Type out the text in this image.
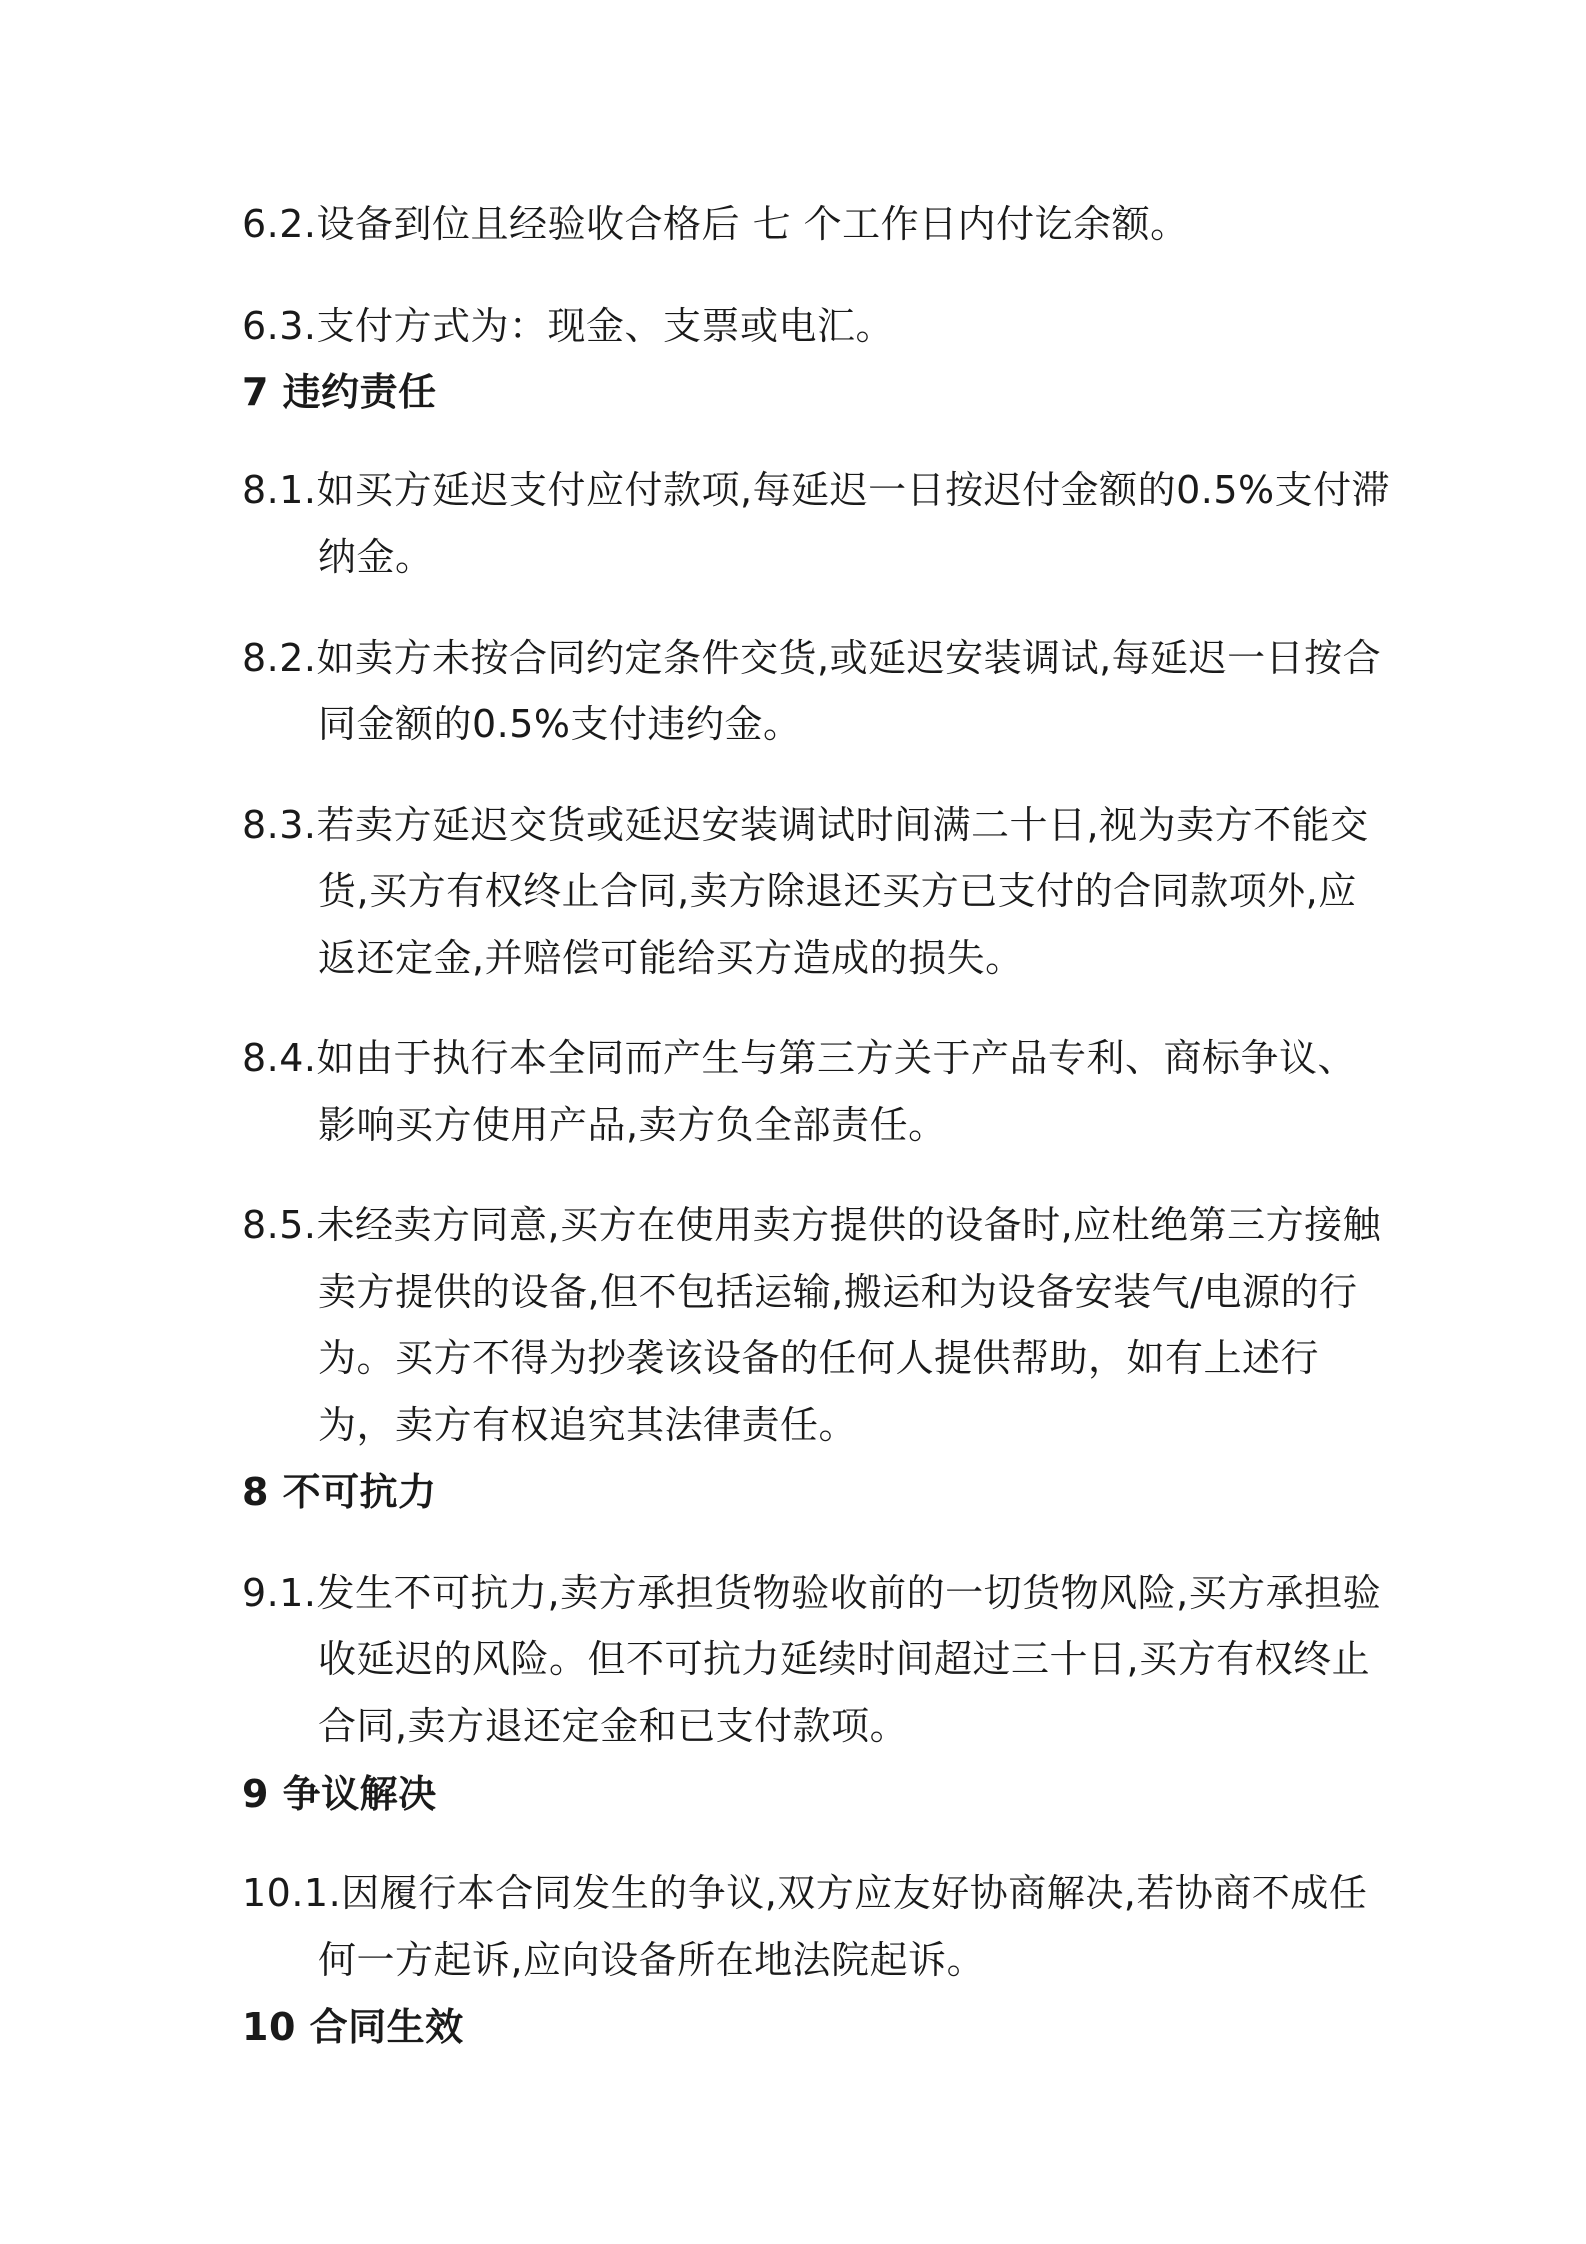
6.2.设备到位且经验收合格后 七 个工作日内付讫余额。
6.3.支付方式为：现金、支票或电汇。
7 违约责任
8.1.如买方延迟支付应付款项,每延迟一日按迟付金额的0.5%支付滞
纳金。
8.2.如卖方未按合同约定条件交货,或延迟安装调试,每延迟一日按合
同金额的0.5%支付违约金。
8.3.若卖方延迟交货或延迟安装调试时间满二十日,视为卖方不能交
货,买方有权终止合同,卖方除退还买方已支付的合同款项外,应
返还定金,并赔偿可能给买方造成的损失。
8.4.如由于执行本全同而产生与第三方关于产品专利、商标争议、
影响买方使用产品,卖方负全部责任。
8.5.未经卖方同意,买方在使用卖方提供的设备时,应杜绝第三方接触
卖方提供的设备,但不包括运输,搬运和为设备安装气/电源的行
为。买方不得为抄袭该设备的任何人提供帮助，如有上述行
为，卖方有权追究其法律责任。
8 不可抗力
9.1.发生不可抗力,卖方承担货物验收前的一切货物风险,买方承担验
收延迟的风险。但不可抗力延续时间超过三十日,买方有权终止
合同,卖方退还定金和已支付款项。
9 争议解决
10.1.因履行本合同发生的争议,双方应友好协商解决,若协商不成任
何一方起诉,应向设备所在地法院起诉。
10 合同生效
